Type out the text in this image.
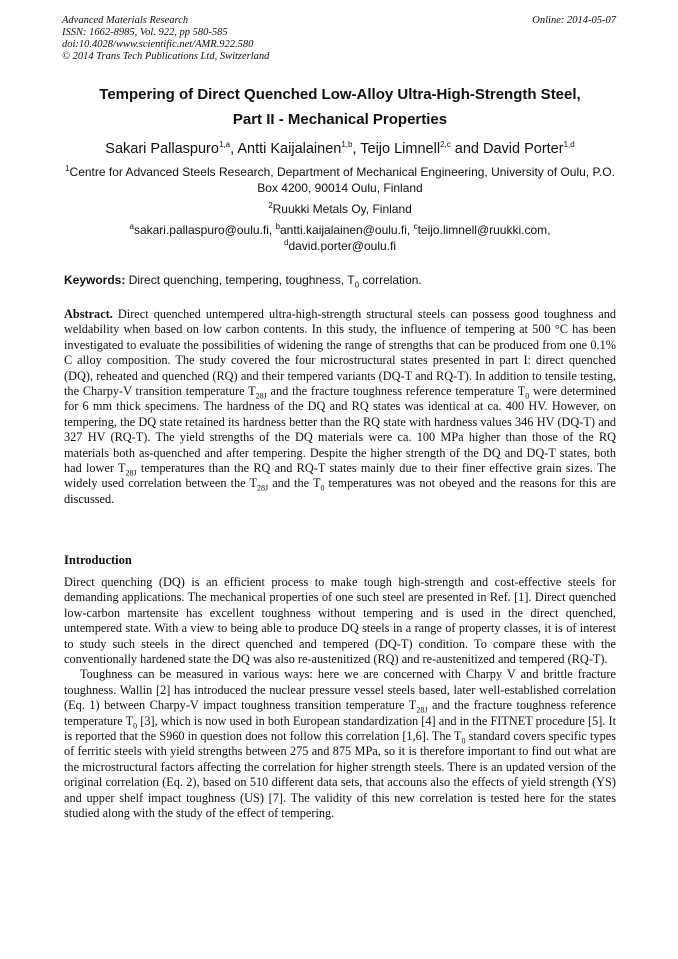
Advanced Materials Research
ISSN: 1662-8985, Vol. 922, pp 580-585
doi:10.4028/www.scientific.net/AMR.922.580
© 2014 Trans Tech Publications Ltd, Switzerland
Online: 2014-05-07
Tempering of Direct Quenched Low-Alloy Ultra-High-Strength Steel,
Part II - Mechanical Properties
Sakari Pallaspuro$^{1,a}$, Antti Kaijalainen$^{1,b}$, Teijo Limnell$^{2,c}$ and David Porter$^{1,d}$
$^1$Centre for Advanced Steels Research, Department of Mechanical Engineering, University of Oulu, P.O. Box 4200, 90014 Oulu, Finland
$^2$Ruukki Metals Oy, Finland
$^a$sakari.pallaspuro@oulu.fi, $^b$antti.kaijalainen@oulu.fi, $^c$teijo.limnell@ruukki.com,
$^d$david.porter@oulu.fi
Keywords: Direct quenching, tempering, toughness, $T_0$ correlation.
Abstract. Direct quenched untempered ultra-high-strength structural steels can possess good toughness and weldability when based on low carbon contents. In this study, the influence of tempering at 500 °C has been investigated to evaluate the possibilities of widening the range of strengths that can be produced from one 0.1% C alloy composition. The study covered the four microstructural states presented in part I: direct quenched (DQ), reheated and quenched (RQ) and their tempered variants (DQ-T and RQ-T). In addition to tensile testing, the Charpy-V transition temperature $T_{28J}$ and the fracture toughness reference temperature $T_0$ were determined for 6 mm thick specimens. The hardness of the DQ and RQ states was identical at ca. 400 HV. However, on tempering, the DQ state retained its hardness better than the RQ state with hardness values 346 HV (DQ-T) and 327 HV (RQ-T). The yield strengths of the DQ materials were ca. 100 MPa higher than those of the RQ materials both as-quenched and after tempering. Despite the higher strength of the DQ and DQ-T states, both had lower $T_{28J}$ temperatures than the RQ and RQ-T states mainly due to their finer effective grain sizes. The widely used correlation between the $T_{28J}$ and the $T_0$ temperatures was not obeyed and the reasons for this are discussed.
Introduction

Direct quenching (DQ) is an efficient process to make tough high-strength and cost-effective steels for demanding applications. The mechanical properties of one such steel are presented in Ref. [1]. Direct quenched low-carbon martensite has excellent toughness without tempering and is used in the direct quenched, untempered state. With a view to being able to produce DQ steels in a range of property classes, it is of interest to study such steels in the direct quenched and tempered (DQ-T) condition. To compare these with the conventionally hardened state the DQ was also re-austenitized (RQ) and re-austenitized and tempered (RQ-T).

Toughness can be measured in various ways: here we are concerned with Charpy V and brittle fracture toughness. Wallin [2] has introduced the nuclear pressure vessel steels based, later well-established correlation (Eq. 1) between Charpy-V impact toughness transition temperature $T_{28J}$ and the fracture toughness reference temperature $T_0$ [3], which is now used in both European standardization [4] and in the FITNET procedure [5]. It is reported that the S960 in question does not follow this correlation [1,6]. The $T_0$ standard covers specific types of ferritic steels with yield strengths between 275 and 875 MPa, so it is therefore important to find out what are the microstructural factors affecting the correlation for higher strength steels. There is an updated version of the original correlation (Eq. 2), based on 510 different data sets, that accouns also the effects of yield strength (YS) and upper shelf impact toughness (US) [7]. The validity of this new correlation is tested here for the states studied along with the study of the effect of tempering.
